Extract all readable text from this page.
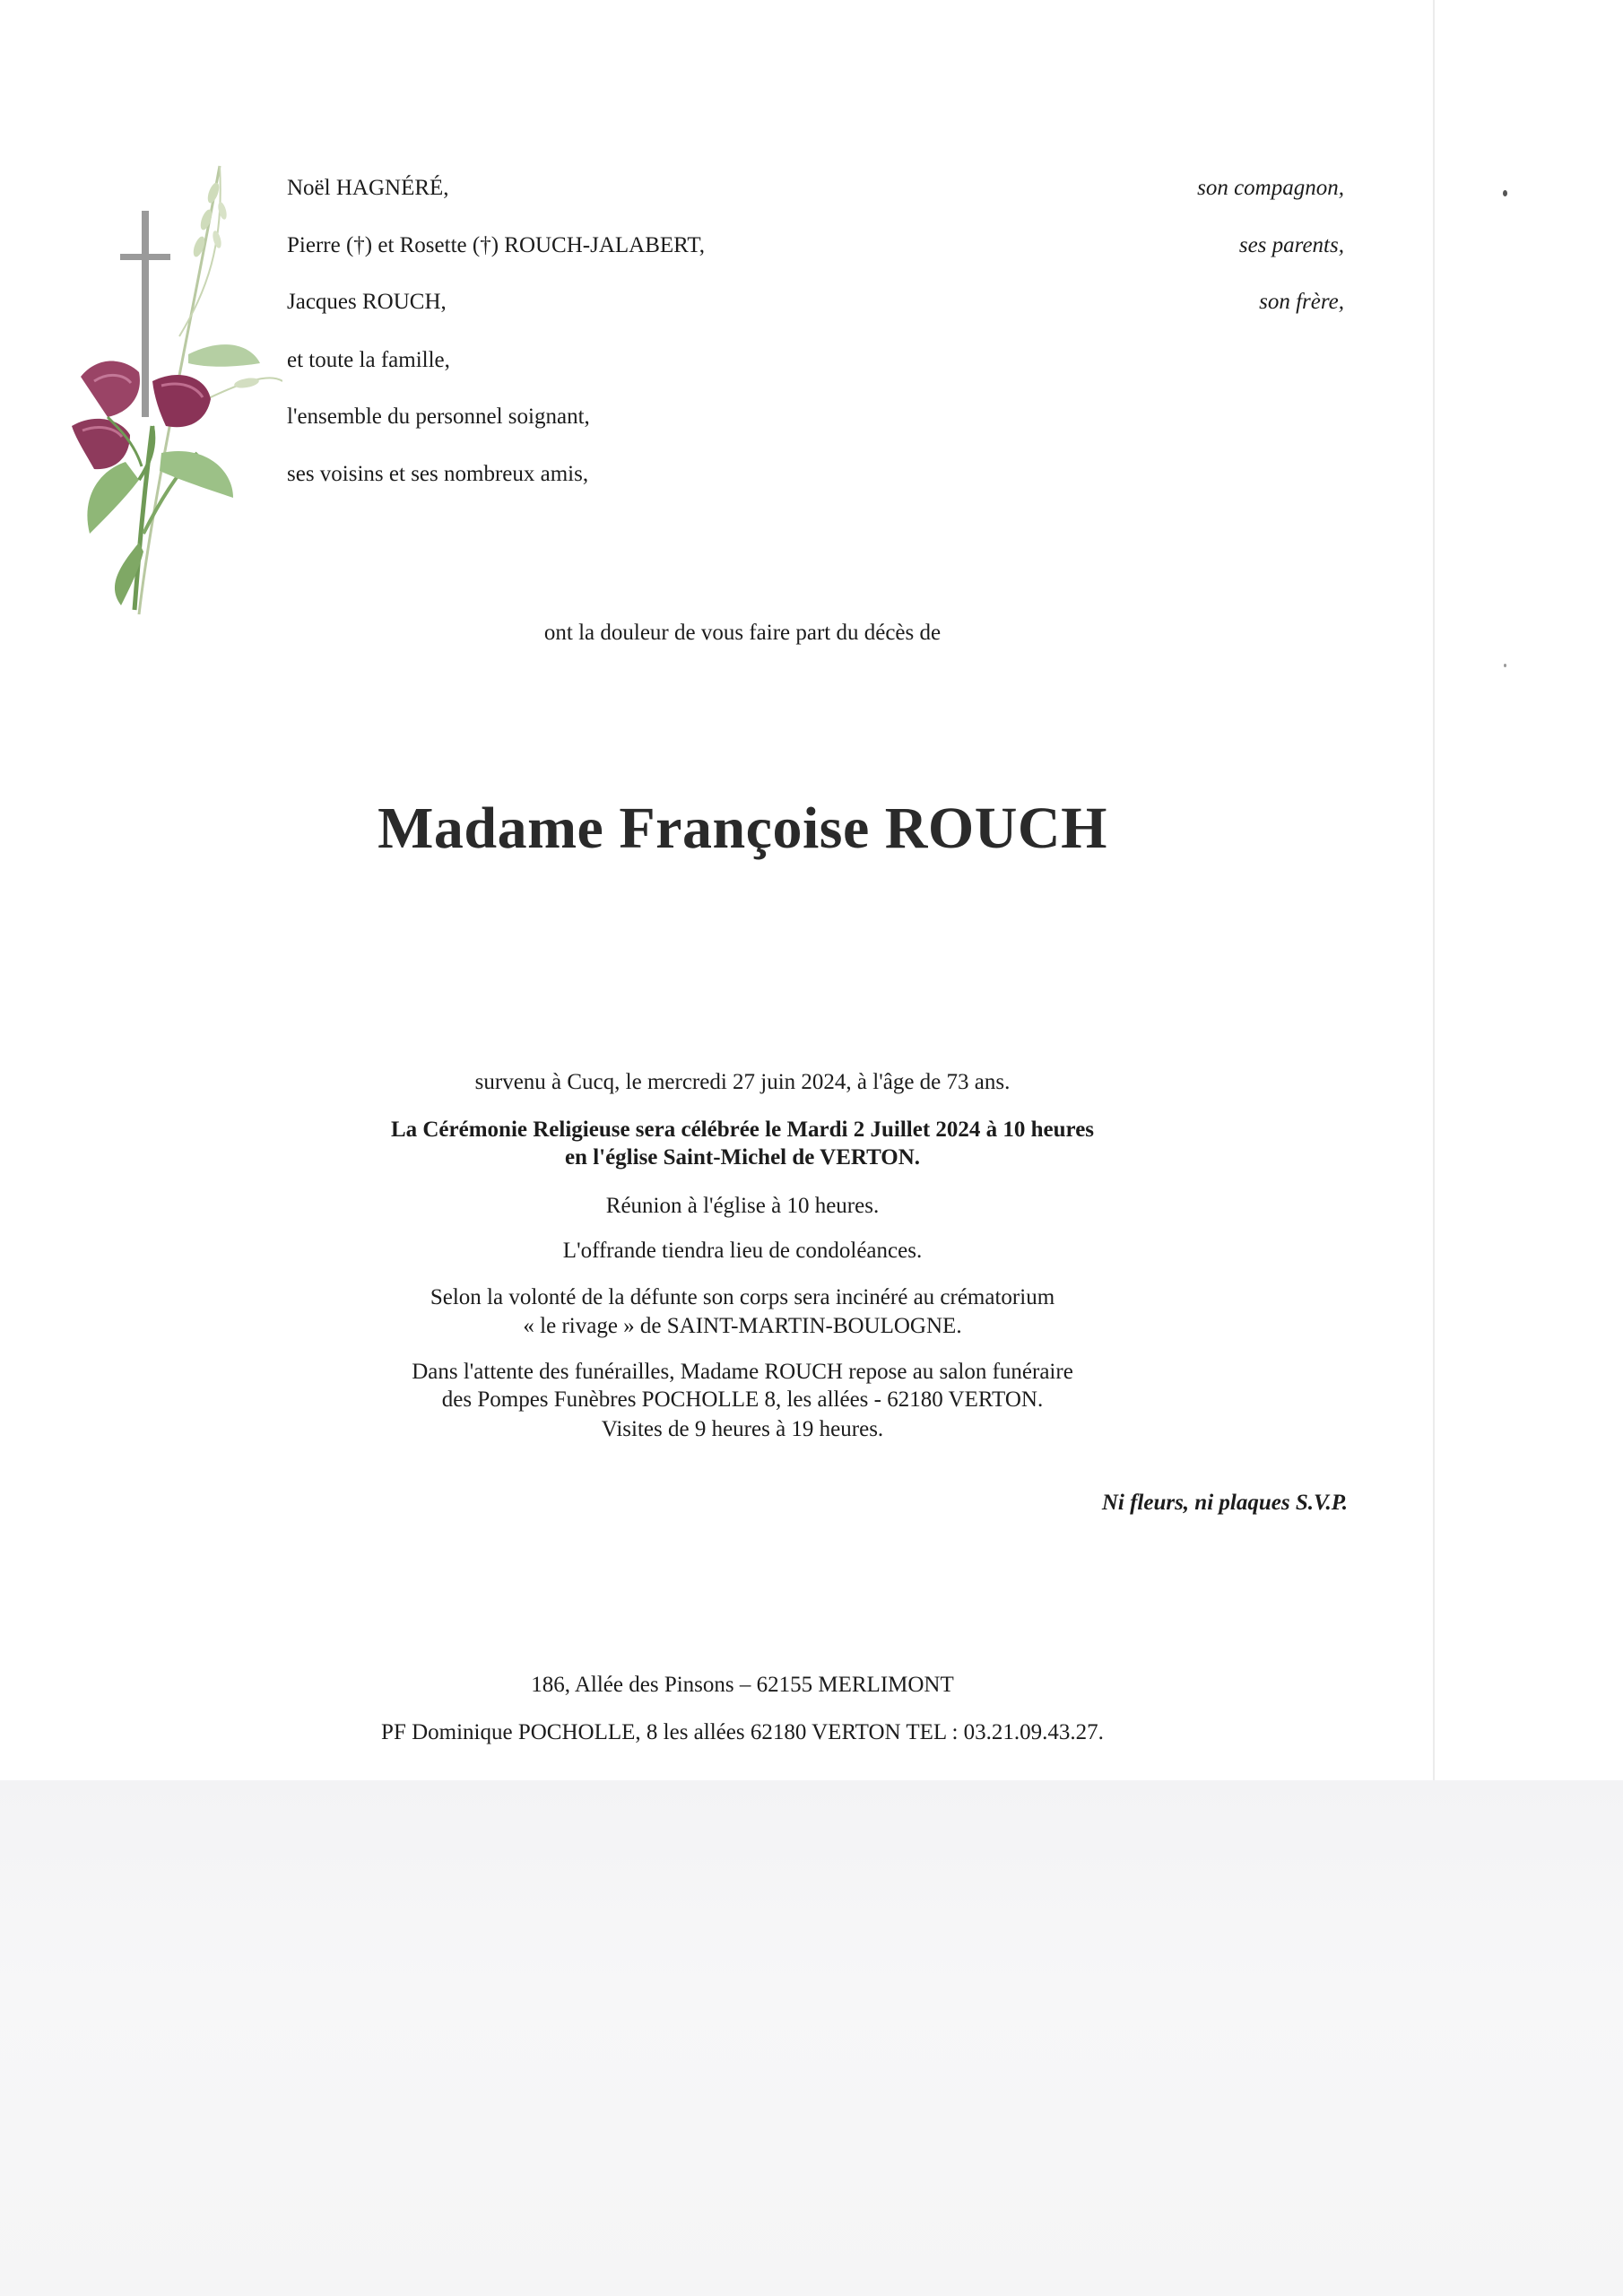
Noël HAGNÉRÉ,	son compagnon,
Pierre (†) et Rosette (†) ROUCH-JALABERT,	ses parents,
Jacques ROUCH,	son frère,
et toute la famille,
l'ensemble du personnel soignant,
ses voisins et ses nombreux amis,
ont la douleur de vous faire part du décès de
Madame Françoise ROUCH
survenu à Cucq, le mercredi 27 juin 2024, à l'âge de 73 ans.
La Cérémonie Religieuse sera célébrée le Mardi 2 Juillet 2024 à 10 heures
en l'église Saint-Michel de VERTON.
Réunion à l'église à 10 heures.
L'offrande tiendra lieu de condoléances.
Selon la volonté de la défunte son corps sera incinéré au crématorium
« le rivage » de SAINT-MARTIN-BOULOGNE.
Dans l'attente des funérailles, Madame ROUCH repose au salon funéraire
des Pompes Funèbres POCHOLLE 8, les allées - 62180 VERTON.
Visites de 9 heures à 19 heures.
Ni fleurs, ni plaques S.V.P.
186, Allée des Pinsons – 62155 MERLIMONT
PF Dominique POCHOLLE, 8 les allées 62180 VERTON TEL : 03.21.09.43.27.
